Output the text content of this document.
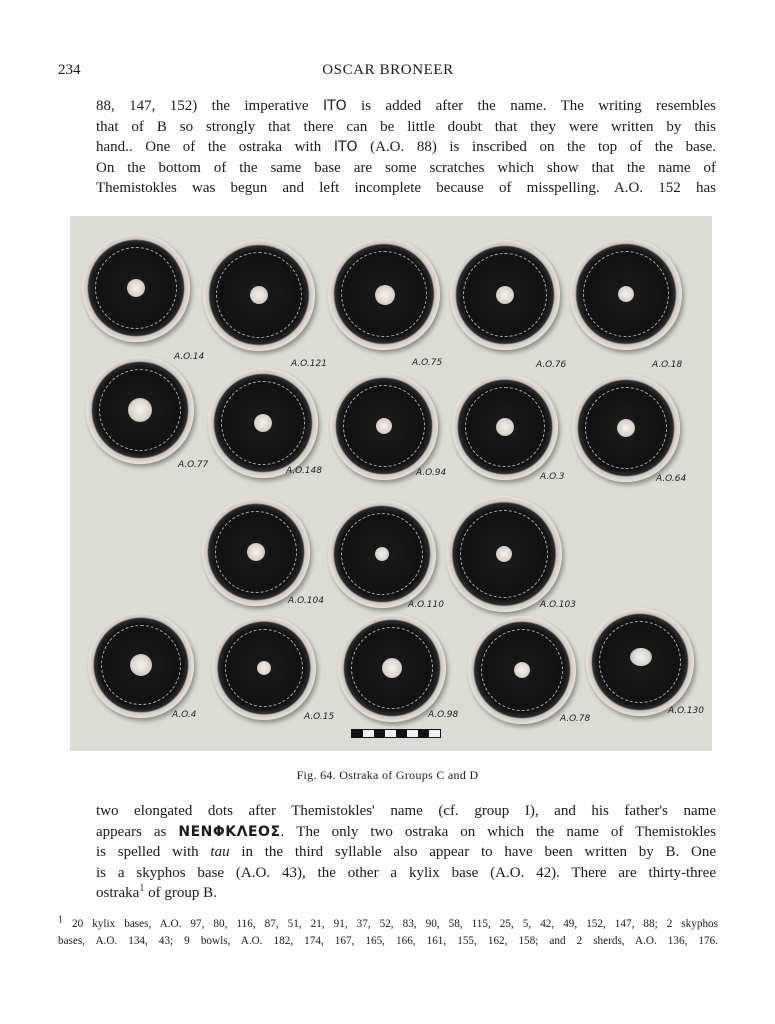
234	OSCAR BRONEER
88, 147, 152) the imperative ITO is added after the name. The writing resembles
that of B so strongly that there can be little doubt that they were written by this
hand.. One of the ostraka with ITO (A.O. 88) is inscribed on the top of the base.
On the bottom of the same base are some scratches which show that the name of
Themistokles was begun and left incomplete because of misspelling. A.O. 152 has
A.O.14
A.O.121	A.O.75	A.O.76	A.O.18
A.O.77
A.O.148	A.O.94	A.O.3	A.O.64
A.O.104	A.O.110	A.O.103
A.O.4	A.O.15	A.O.98	A.O.78
A.O.130
Fig. 64. Ostraka of Groups C and D
two elongated dots after Themistokles' name (cf. group I), and his father's name
appears as NEΝΦΚΛΕΟΣ. The only two ostraka on which the name of Themistokles
is spelled with tau in the third syllable also appear to have been written by B. One
is a skyphos base (A.O. 43), the other a kylix base (A.O. 42). There are thirty-three
ostraka$^1$ of group B.
$^1$ 20 kylix bases, A.O. 97, 80, 116, 87, 51, 21, 91, 37, 52, 83, 90, 58, 115, 25, 5, 42, 49, 152, 147, 88; 2 skyphos
bases, A.O. 134, 43; 9 bowls, A.O. 182, 174, 167, 165, 166, 161, 155, 162, 158; and 2 sherds, A.O. 136, 176.
